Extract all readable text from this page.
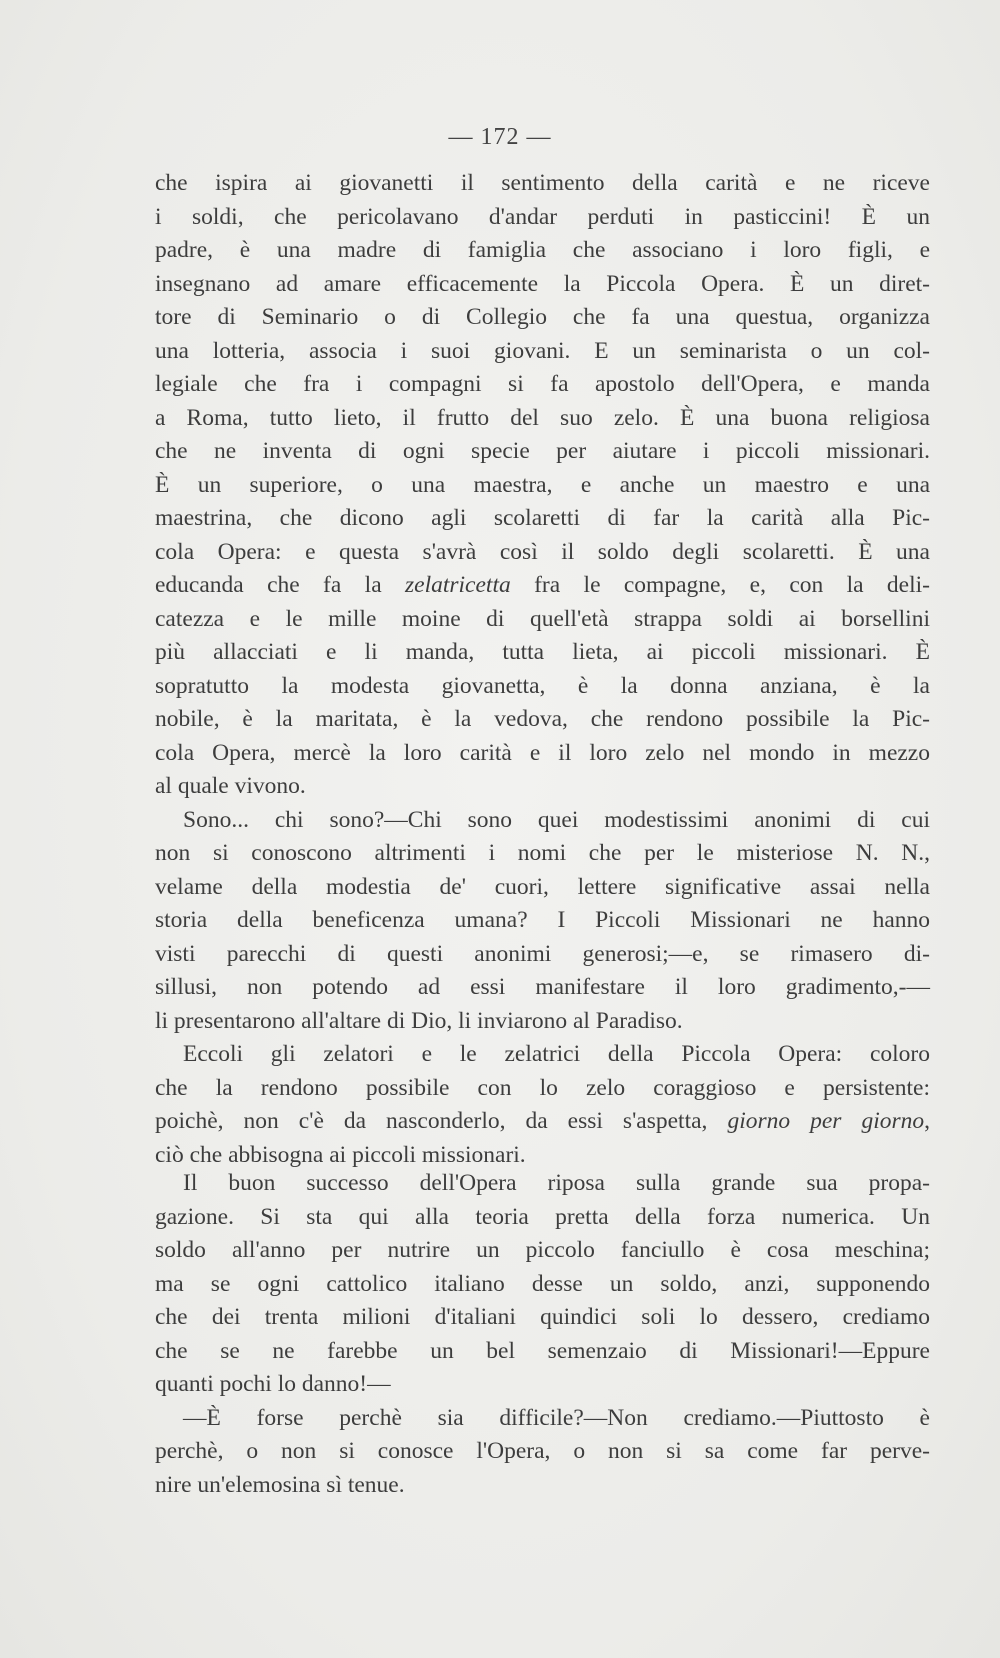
— 172 —
che ispira ai giovanetti il sentimento della carità e ne riceve
i soldi, che pericolavano d'andar perduti in pasticcini! È un
padre, è una madre di famiglia che associano i loro figli, e
insegnano ad amare efficacemente la Piccola Opera. È un diret-
tore di Seminario o di Collegio che fa una questua, organizza
una lotteria, associa i suoi giovani. E un seminarista o un col-
legiale che fra i compagni si fa apostolo dell'Opera, e manda
a Roma, tutto lieto, il frutto del suo zelo. È una buona religiosa
che ne inventa di ogni specie per aiutare i piccoli missionari.
È un superiore, o una maestra, e anche un maestro e una
maestrina, che dicono agli scolaretti di far la carità alla Pic-
cola Opera: e questa s'avrà così il soldo degli scolaretti. È una
educanda che fa la zelatricetta fra le compagne, e, con la deli-
catezza e le mille moine di quell'età strappa soldi ai borsellini
più allacciati e li manda, tutta lieta, ai piccoli missionari. È
sopratutto la modesta giovanetta, è la donna anziana, è la
nobile, è la maritata, è la vedova, che rendono possibile la Pic-
cola Opera, mercè la loro carità e il loro zelo nel mondo in mezzo
al quale vivono.
Sono... chi sono?—Chi sono quei modestissimi anonimi di cui
non si conoscono altrimenti i nomi che per le misteriose N. N.,
velame della modestia de' cuori, lettere significative assai nella
storia della beneficenza umana? I Piccoli Missionari ne hanno
visti parecchi di questi anonimi generosi;—e, se rimasero di-
sillusi, non potendo ad essi manifestare il loro gradimento,-—
li presentarono all'altare di Dio, li inviarono al Paradiso.
Eccoli gli zelatori e le zelatrici della Piccola Opera: coloro
che la rendono possibile con lo zelo coraggioso e persistente:
poichè, non c'è da nasconderlo, da essi s'aspetta, giorno per giorno,
ciò che abbisogna ai piccoli missionari.
Il buon successo dell'Opera riposa sulla grande sua propa-
gazione. Si sta qui alla teoria pretta della forza numerica. Un
soldo all'anno per nutrire un piccolo fanciullo è cosa meschina;
ma se ogni cattolico italiano desse un soldo, anzi, supponendo
che dei trenta milioni d'italiani quindici soli lo dessero, crediamo
che se ne farebbe un bel semenzaio di Missionari!—Eppure
quanti pochi lo danno!—
—È forse perchè sia difficile?—Non crediamo.—Piuttosto è
perchè, o non si conosce l'Opera, o non si sa come far perve-
nire un'elemosina sì tenue.
